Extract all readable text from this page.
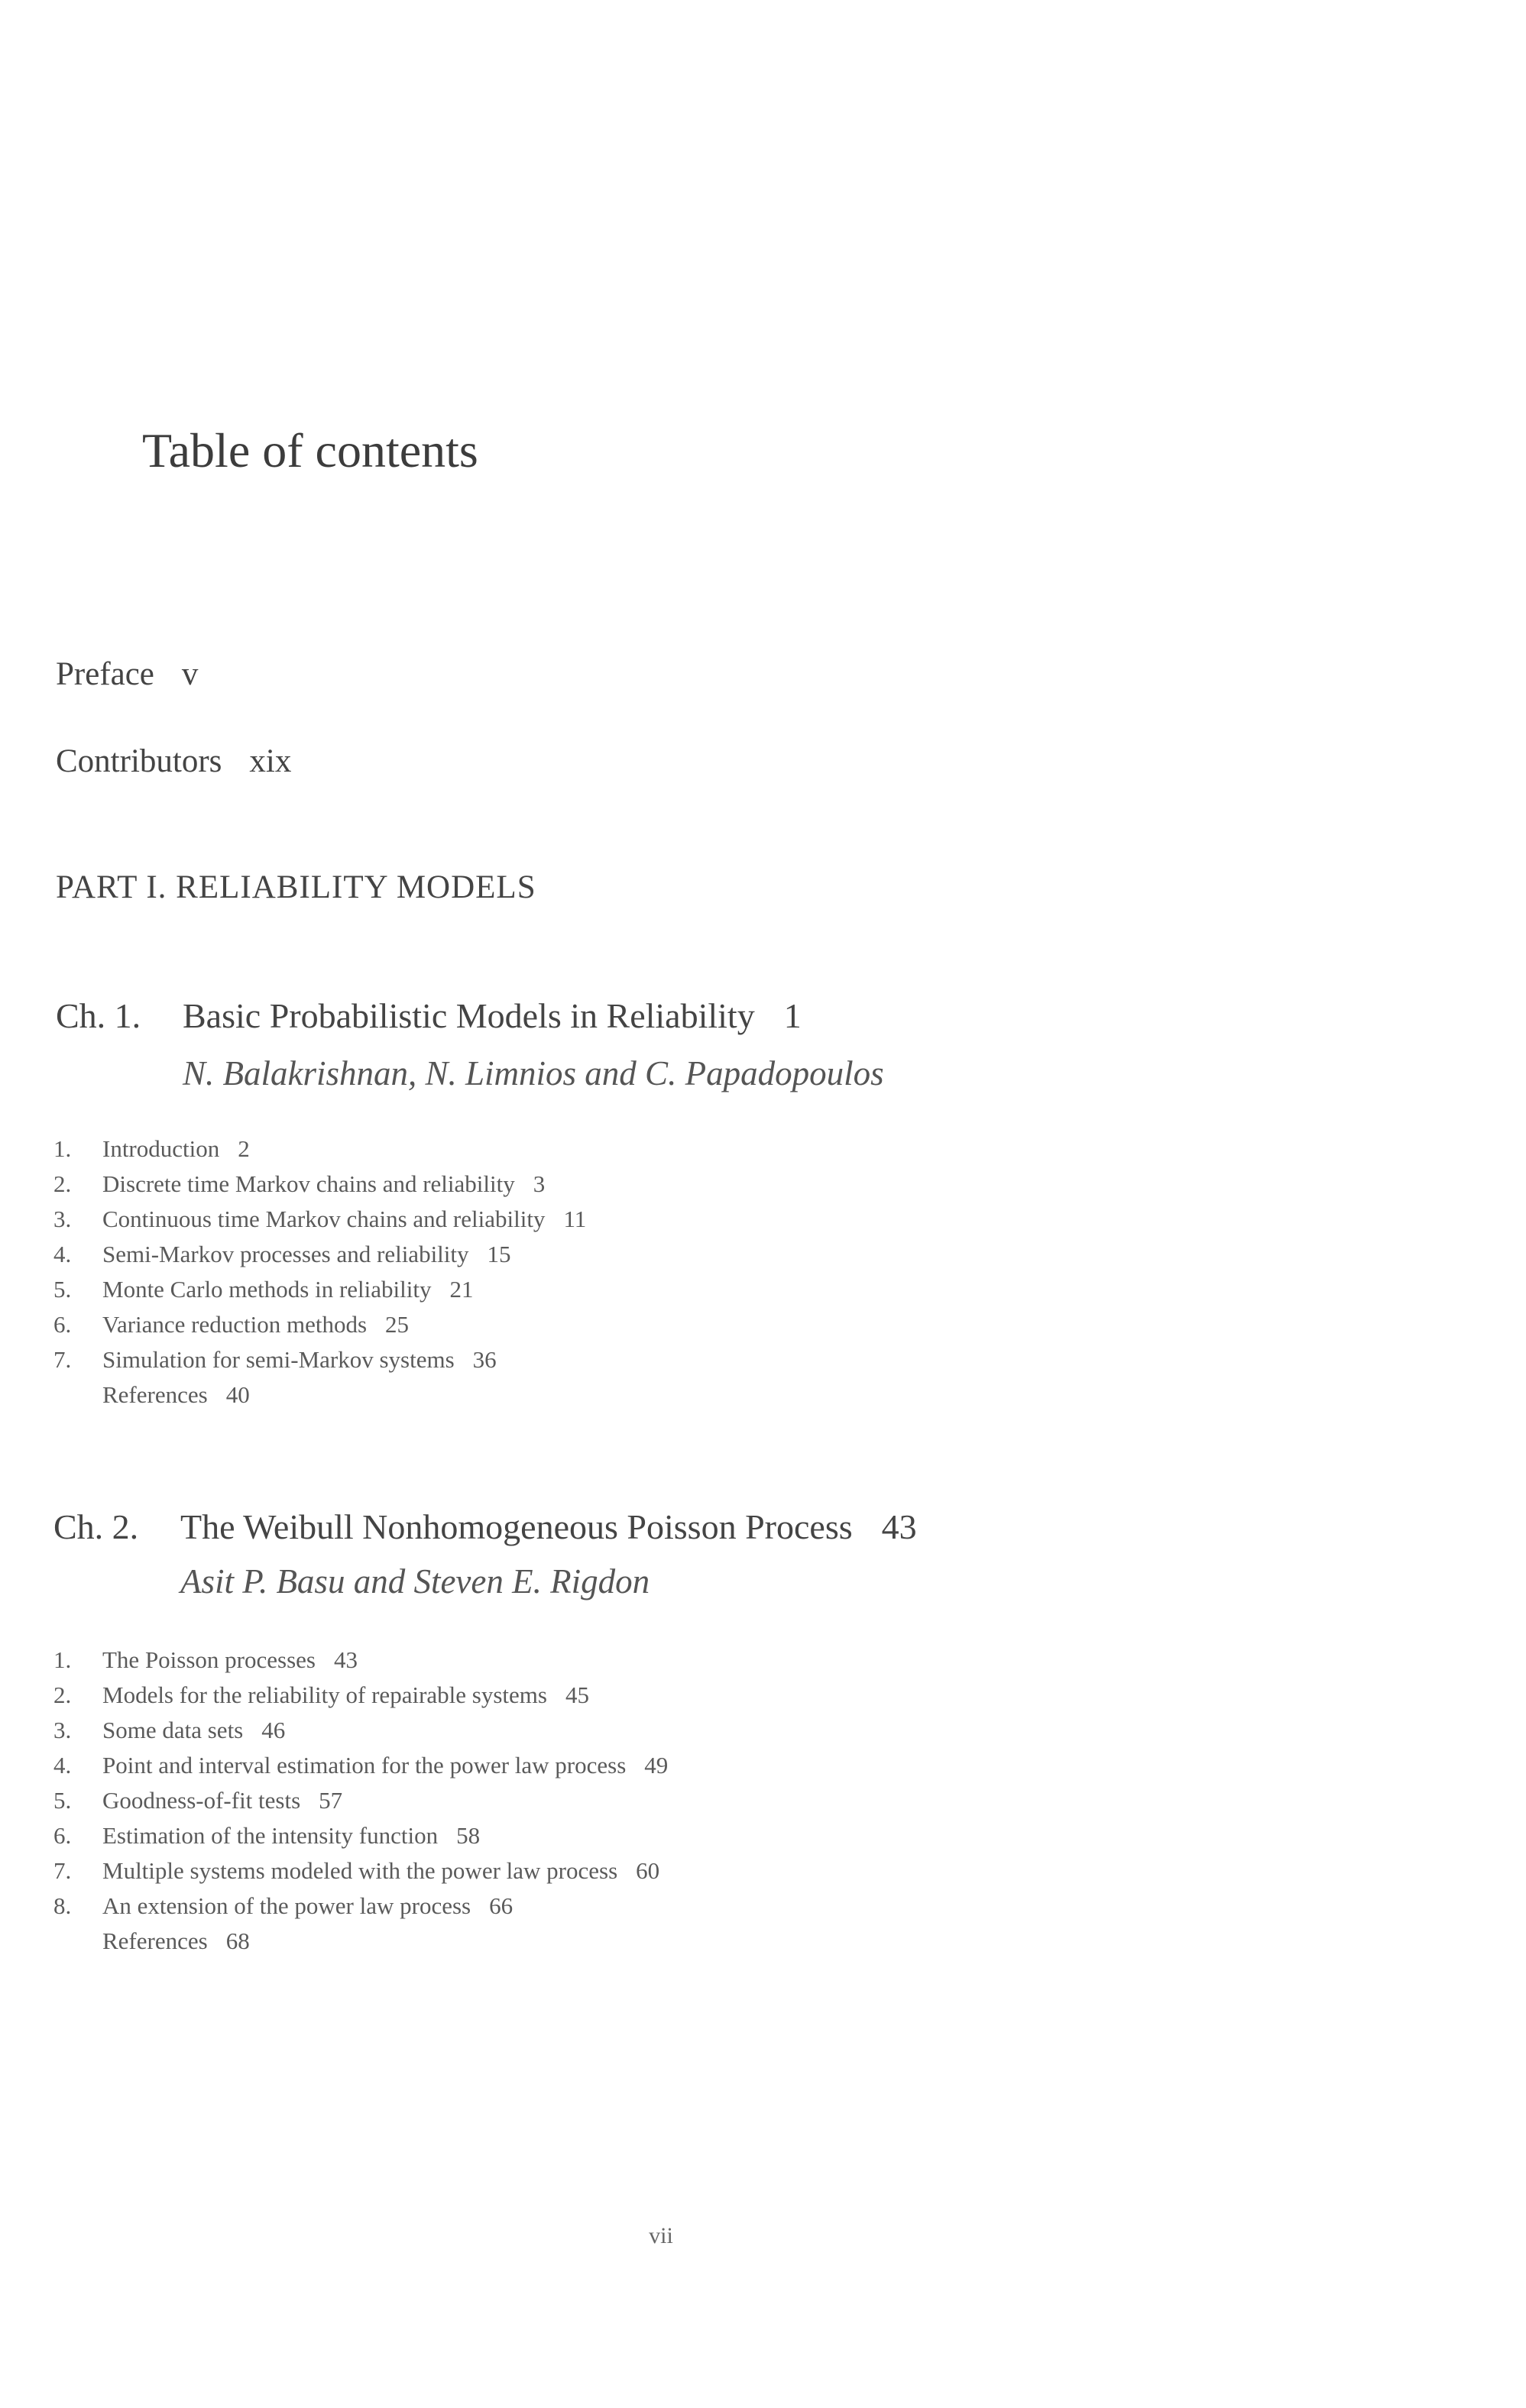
Table of contents
Preface v
Contributors xix
PART I. RELIABILITY MODELS
Ch. 1. Basic Probabilistic Models in Reliability 1
N. Balakrishnan, N. Limnios and C. Papadopoulos
1. Introduction 2
2. Discrete time Markov chains and reliability 3
3. Continuous time Markov chains and reliability 11
4. Semi-Markov processes and reliability 15
5. Monte Carlo methods in reliability 21
6. Variance reduction methods 25
7. Simulation for semi-Markov systems 36
References 40
Ch. 2. The Weibull Nonhomogeneous Poisson Process 43
Asit P. Basu and Steven E. Rigdon
1. The Poisson processes 43
2. Models for the reliability of repairable systems 45
3. Some data sets 46
4. Point and interval estimation for the power law process 49
5. Goodness-of-fit tests 57
6. Estimation of the intensity function 58
7. Multiple systems modeled with the power law process 60
8. An extension of the power law process 66
References 68
vii
